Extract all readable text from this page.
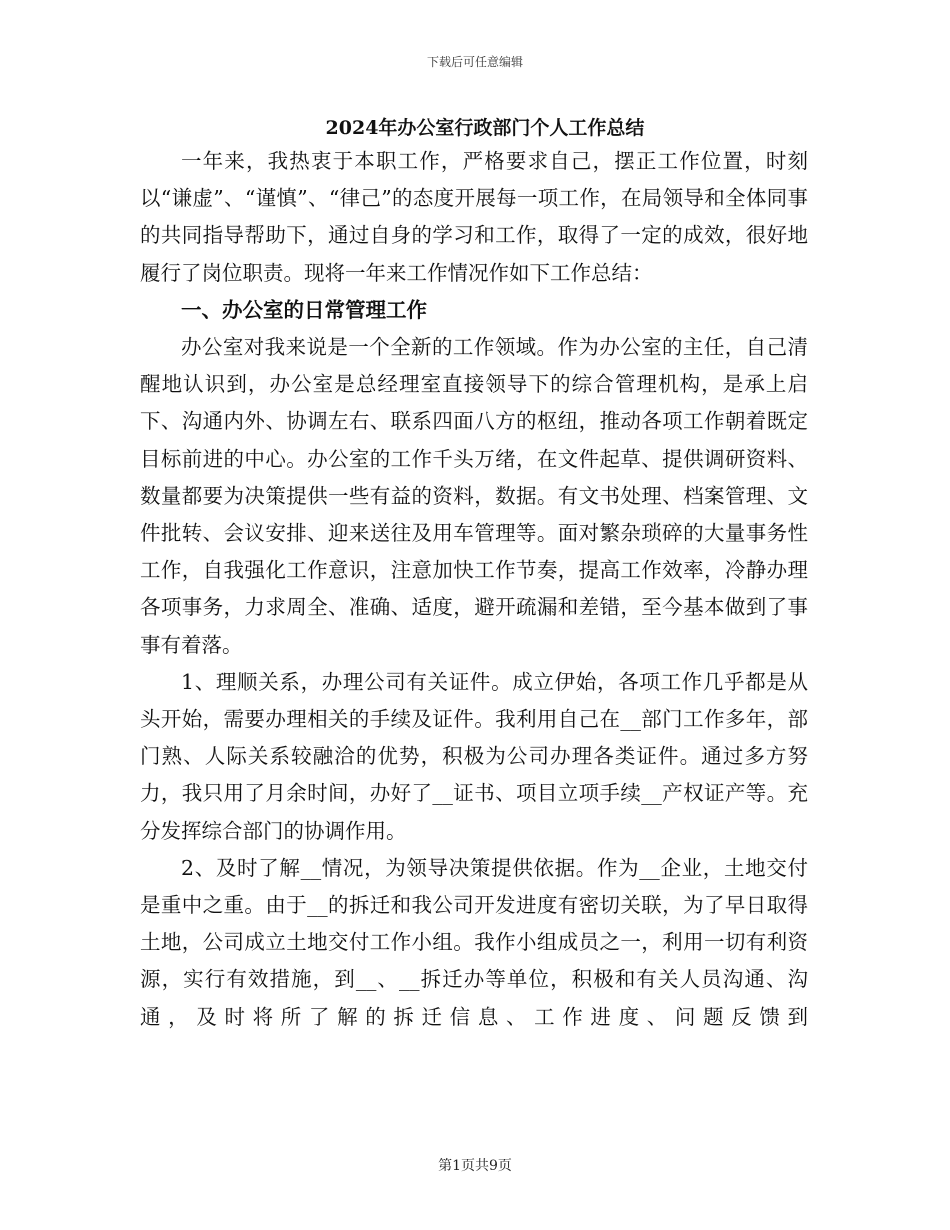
下载后可任意编辑
2024年办公室行政部门个人工作总结

一年来，我热衷于本职工作，严格要求自己，摆正工作位置，时刻以“谦虚”、“谨慎”、“律己”的态度开展每一项工作，在局领导和全体同事的共同指导帮助下，通过自身的学习和工作，取得了一定的成效，很好地履行了岗位职责。现将一年来工作情况作如下工作总结：

一、办公室的日常管理工作

办公室对我来说是一个全新的工作领域。作为办公室的主任，自己清醒地认识到，办公室是总经理室直接领导下的综合管理机构，是承上启下、沟通内外、协调左右、联系四面八方的枢纽，推动各项工作朝着既定目标前进的中心。办公室的工作千头万绪，在文件起草、提供调研资料、数量都要为决策提供一些有益的资料，数据。有文书处理、档案管理、文件批转、会议安排、迎来送往及用车管理等。面对繁杂琐碎的大量事务性工作，自我强化工作意识，注意加快工作节奏，提高工作效率，冷静办理各项事务，力求周全、准确、适度，避开疏漏和差错，至今基本做到了事事有着落。

1、理顺关系，办理公司有关证件。成立伊始，各项工作几乎都是从头开始，需要办理相关的手续及证件。我利用自己在__部门工作多年，部门熟、人际关系较融洽的优势，积极为公司办理各类证件。通过多方努力，我只用了月余时间，办好了__证书、项目立项手续__产权证产等。充分发挥综合部门的协调作用。

2、及时了解__情况，为领导决策提供依据。作为__企业，土地交付是重中之重。由于__的拆迁和我公司开发进度有密切关联，为了早日取得土地，公司成立土地交付工作小组。我作小组成员之一，利用一切有利资源，实行有效措施，到__、__拆迁办等单位，积极和有关人员沟通、沟通，及时将所了解的拆迁信息、工作进度、问题反馈到

第1页共9页
